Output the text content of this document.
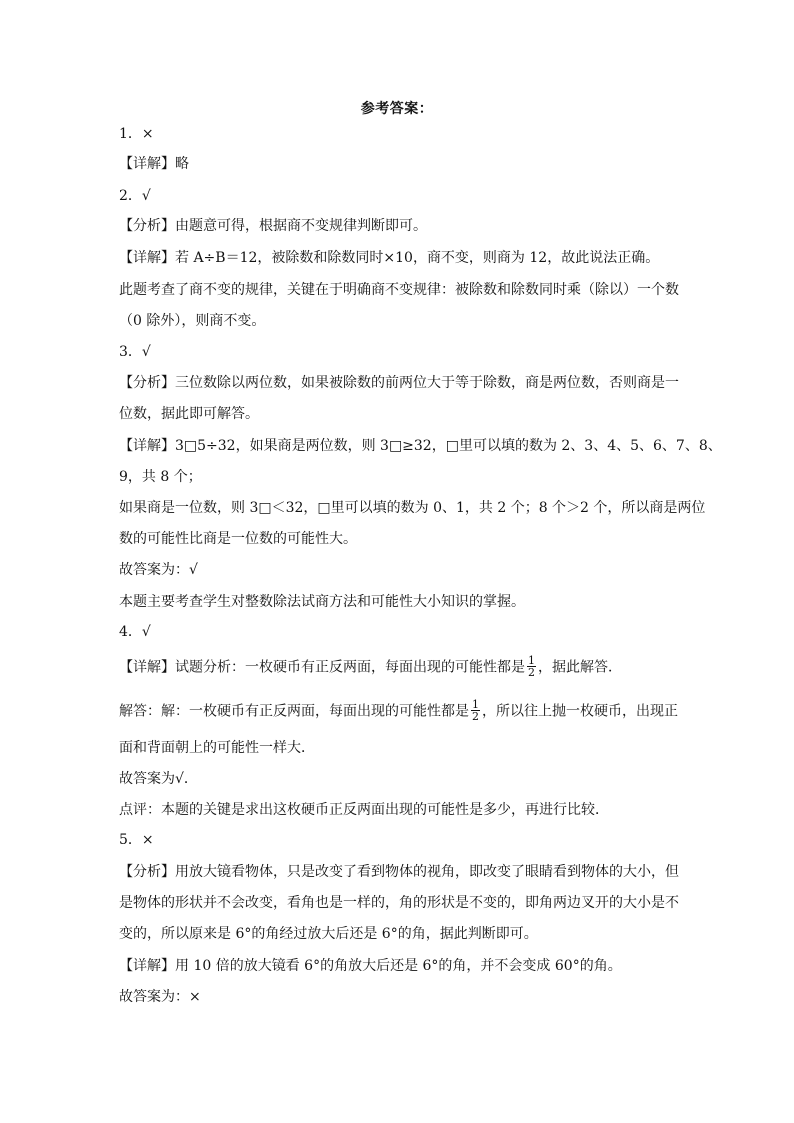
参考答案：
1．×
【详解】略
2．√
【分析】由题意可得，根据商不变规律判断即可。
【详解】若 A÷B＝12，被除数和除数同时×10，商不变，则商为 12，故此说法正确。
此题考查了商不变的规律，关键在于明确商不变规律：被除数和除数同时乘（除以）一个数
（0 除外），则商不变。
3．√
【分析】三位数除以两位数，如果被除数的前两位大于等于除数，商是两位数，否则商是一
位数，据此即可解答。
【详解】3□5÷32，如果商是两位数，则 3□≥32，□里可以填的数为 2、3、4、5、6、7、8、
9，共 8 个；
如果商是一位数，则 3□＜32，□里可以填的数为 0、1，共 2 个；8 个＞2 个，所以商是两位
数的可能性比商是一位数的可能性大。
故答案为：√
本题主要考查学生对整数除法试商方法和可能性大小知识的掌握。
4．√
【详解】试题分析：一枚硬币有正反两面，每面出现的可能性都是 $\frac{1}{2}$ ，据此解答．
解答：解：一枚硬币有正反两面，每面出现的可能性都是 $\frac{1}{2}$ ，所以往上抛一枚硬币，出现正
面和背面朝上的可能性一样大．
故答案为√．
点评：本题的关键是求出这枚硬币正反两面出现的可能性是多少，再进行比较．
5．×
【分析】用放大镜看物体，只是改变了看到物体的视角，即改变了眼睛看到物体的大小，但
是物体的形状并不会改变，看角也是一样的，角的形状是不变的，即角两边叉开的大小是不
变的，所以原来是 6°的角经过放大后还是 6°的角，据此判断即可。
【详解】用 10 倍的放大镜看 6°的角放大后还是 6°的角，并不会变成 60°的角。
故答案为：×
